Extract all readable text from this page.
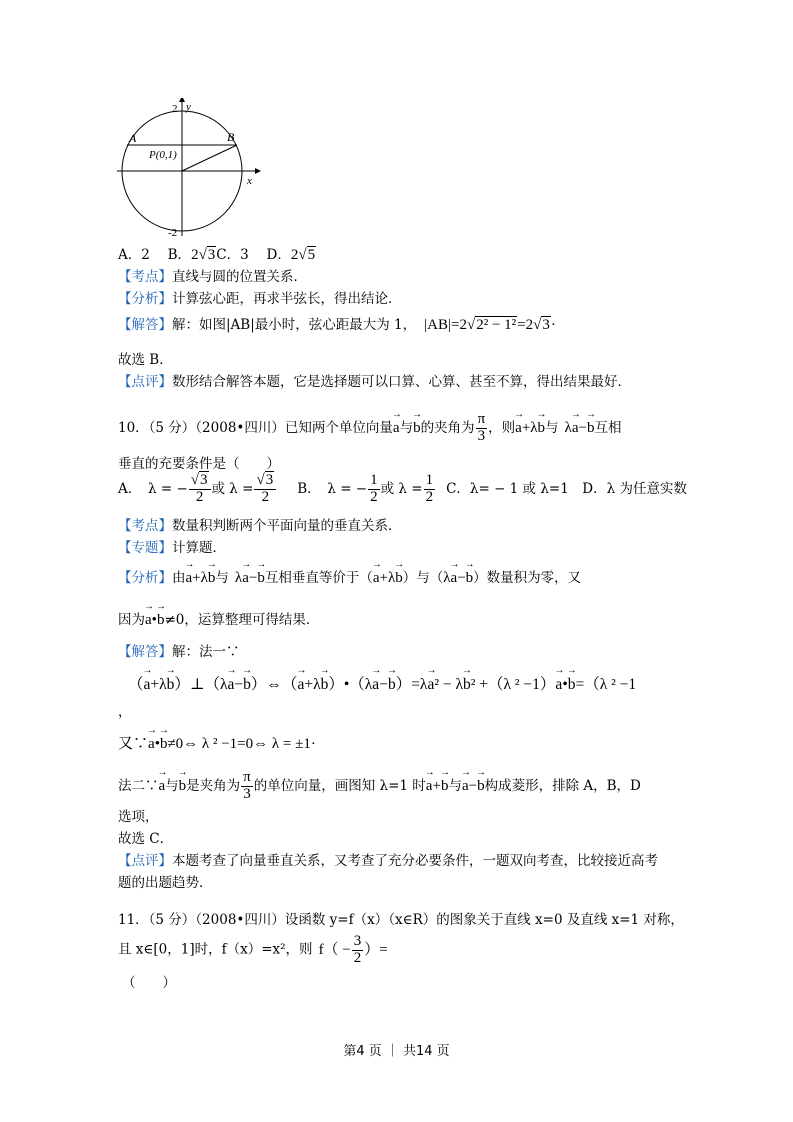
y
x
2
-2
A	B
P(0,1)
A．2　 B．2√3C．3　 D．2√5
【考点】直线与圆的位置关系．
【分析】计算弦心距，再求半弦长，得出结论．
【解答】解：如图|AB|最小时，弦心距最大为 1， |AB|=2√2² − 1²=2√3·
故选 B．
【点评】数形结合解答本题，它是选择题可以口算、心算、甚至不算，得出结果最好．
10．（5 分）（2008•四川）已知两个单位向量→ a与→ b的夹角为 $\frac{\pi}{3}$ ，则→ a+λ→ b与 λ→ a−→ b互相
垂直的充要条件是（　　）
A．　λ = − $\frac{√3}{2}$ 或 $\lambda = \frac{√3}{2}$ B．　λ = − $\frac{1}{2}$ 或 $\lambda = \frac{1}{2}$ C．λ= − 1 或 λ=1　D．λ 为任意实数
【考点】数量积判断两个平面向量的垂直关系．
【专题】计算题．
【分析】由→ a+λ→ b与 λ→ a−→ b互相垂直等价于（→ a+λ→ b）与（λ→ a−→ b）数量积为零，又
因为→ a•→ b≠0，运算整理可得结果．
【解答】解：法一∵
（→ a+λ→ b）⊥（λ→ a−→ b）⇔（→ a+λ→ b）•（λ→ a−→ b）=λ→ a² − λ→ b² +（λ ² −1）→ a•→ b=（λ ² −1
，
又∵→ a•→ b≠0⇔ λ ² −1=0⇔ λ = ±1·
法二∵→ a与→ b是夹角为 $\frac{\pi}{3}$ 的单位向量，画图知 λ=1 时→ a+→ b与→ a−→ b构成菱形，排除 A，B，D
选项，
故选 C．
【点评】本题考查了向量垂直关系，又考查了充分必要条件，一题双向考查，比较接近高考
题的出题趋势．
11．（5 分）（2008•四川）设函数 y=f（x）（x∈R）的图象关于直线 x=0 及直线 x=1 对称，
且 x∈[0，1]时，f（x）=x²，则 $f( - \frac{3}{2}$ ）=
（　　）
第4 页 ｜ 共14 页
